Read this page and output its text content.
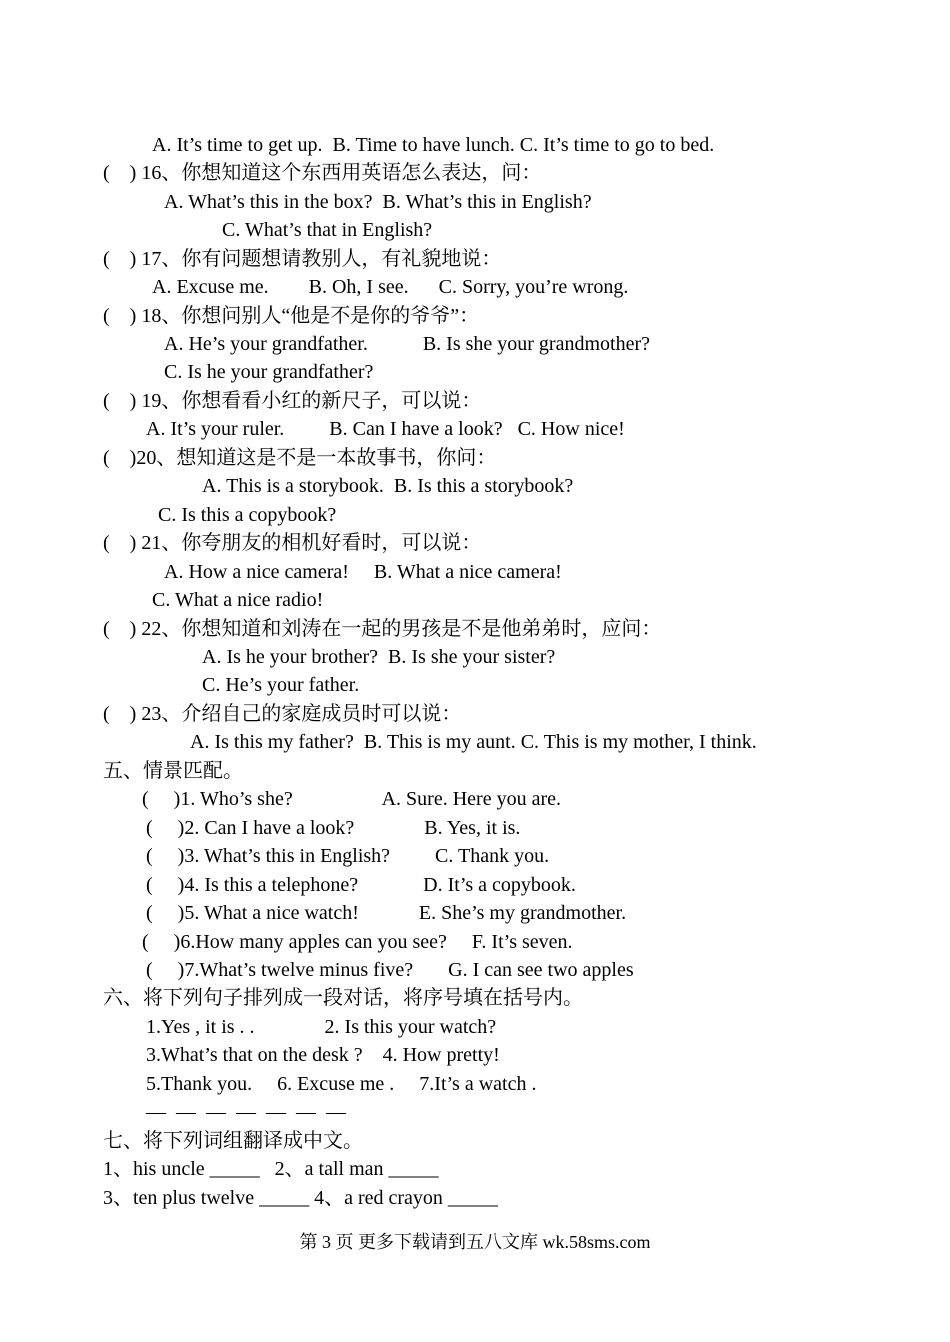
A. It’s time to get up.  B. Time to have lunch. C. It’s time to go to bed.
(    ) 16、你想知道这个东西用英语怎么表达，问：
A. What’s this in the box?  B. What’s this in English?
C. What’s that in English?
(    ) 17、你有问题想请教别人，有礼貌地说：
A. Excuse me.        B. Oh, I see.      C. Sorry, you’re wrong.
(    ) 18、你想问别人“他是不是你的爷爷”：
A. He’s your grandfather.           B. Is she your grandmother?
C. Is he your grandfather?
(    ) 19、你想看看小红的新尺子，可以说：
A. It’s your ruler.         B. Can I have a look?   C. How nice!
(    )20、想知道这是不是一本故事书，你问：
A. This is a storybook.  B. Is this a storybook?
C. Is this a copybook?
(    ) 21、你夸朋友的相机好看时，可以说：
A. How a nice camera!     B. What a nice camera!
C. What a nice radio!
(    ) 22、你想知道和刘涛在一起的男孩是不是他弟弟时，应问：
A. Is he your brother?  B. Is she your sister?
C. He’s your father.
(    ) 23、介绍自己的家庭成员时可以说：
A. Is this my father?  B. This is my aunt. C. This is my mother, I think.
五、情景匹配。
(     )1. Who’s she?                  A. Sure. Here you are.
(     )2. Can I have a look?              B. Yes, it is.
(     )3. What’s this in English?         C. Thank you.
(     )4. Is this a telephone?             D. It’s a copybook.
(     )5. What a nice watch!            E. She’s my grandmother.
(     )6.How many apples can you see?     F. It’s seven.
(     )7.What’s twelve minus five?       G. I can see two apples
六、将下列句子排列成一段对话，将序号填在括号内。
1.Yes , it is . .              2. Is this your watch?
3.What’s that on the desk ?    4. How pretty!
5.Thank you.     6. Excuse me .     7.It’s a watch .
—  —  —  —  —  —  —
七、将下列词组翻译成中文。
1、his uncle _____   2、a tall man _____
3、ten plus twelve _____ 4、a red crayon _____
第 3 页 更多下载请到五八文库 wk.58sms.com
